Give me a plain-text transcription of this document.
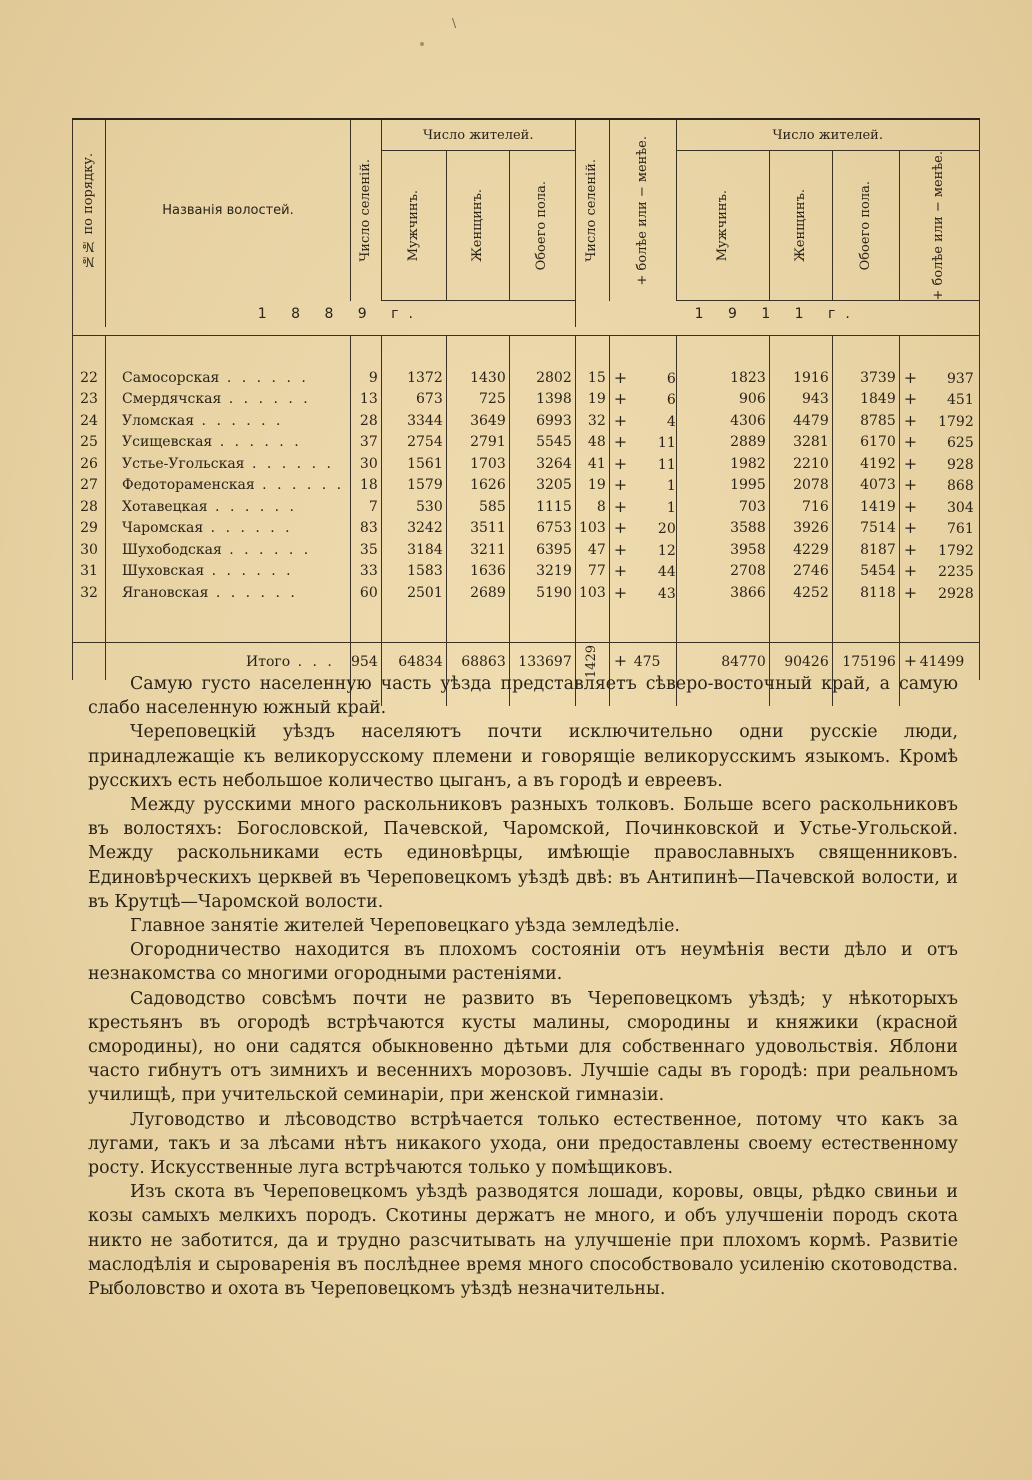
\
№№ по порядку.	Названія волостей.	Число селеній.	Число жителей.			Число селеній.	+ болѣе или − менѣе.	Число жителей.			

			Мужчинъ.	Женщинъ.	Обоего пола.			Мужчинъ.	Женщинъ.	Обоего пола.	+ болѣе или − менѣе.

	1 8 8 9 г.					1 9 1 1 г.					

22	Самосорская . . . . . .	9	1372	1430	2802	15	+ 6	1823	1916	3739	+ 937
23	Смердячская . . . . . .	13	673	725	1398	19	+ 6	906	943	1849	+ 451
24	Уломская . . . . . .	28	3344	3649	6993	32	+ 4	4306	4479	8785	+ 1792
25	Усищевская . . . . . .	37	2754	2791	5545	48	+ 11	2889	3281	6170	+ 625
26	Устье-Угольская . . . . . .	30	1561	1703	3264	41	+ 11	1982	2210	4192	+ 928
27	Федотораменская . . . . . .	18	1579	1626	3205	19	+ 1	1995	2078	4073	+ 868
28	Хотавецкая . . . . . .	7	530	585	1115	8	+ 1	703	716	1419	+ 304
29	Чаромская . . . . . .	83	3242	3511	6753	103	+ 20	3588	3926	7514	+ 761
30	Шухободская . . . . . .	35	3184	3211	6395	47	+ 12	3958	4229	8187	+ 1792
31	Шуховская . . . . . .	33	1583	1636	3219	77	+ 44	2708	2746	5454	+ 2235
32	Ягановская . . . . . .	60	2501	2689	5190	103	+ 43	3866	4252	8118	+ 2928

	Итого . . .	954	64834	68863	133697	1429	+ 475	84770	90426	175196	+ 41499

Самую густо населенную часть уѣзда представляетъ сѣверо-восточный край, а самую слабо населенную южный край.

Череповецкій уѣздъ населяютъ почти исключительно одни русскіе люди, принадлежащіе къ великорусскому племени и говорящіе великорусскимъ языкомъ. Кромѣ русскихъ есть небольшое количество цыганъ, а въ городѣ и евреевъ.

Между русскими много раскольниковъ разныхъ толковъ. Больше всего раскольниковъ въ волостяхъ: Богословской, Пачевской, Чаромской, Починковской и Устье-Угольской. Между раскольниками есть единовѣрцы, имѣющіе православныхъ священниковъ. Единовѣрческихъ церквей въ Череповецкомъ уѣздѣ двѣ: въ Антипинѣ—Пачевской волости, и въ Крутцѣ—Чаромской волости.

Главное занятіе жителей Череповецкаго уѣзда земледѣліе.

Огородничество находится въ плохомъ состояніи отъ неумѣнія вести дѣло и отъ незнакомства со многими огородными растеніями.

Садоводство совсѣмъ почти не развито въ Череповецкомъ уѣздѣ; у нѣкоторыхъ крестьянъ въ огородѣ встрѣчаются кусты малины, смородины и княжики (красной смородины), но они садятся обыкновенно дѣтьми для собственнаго удовольствія. Яблони часто гибнутъ отъ зимнихъ и весеннихъ морозовъ. Лучшіе сады въ городѣ: при реальномъ училищѣ, при учительской семинаріи, при женской гимназіи.

Луговодство и лѣсоводство встрѣчается только естественное, потому что какъ за лугами, такъ и за лѣсами нѣтъ никакого ухода, они предоставлены своему естественному росту. Искусственные луга встрѣчаются только у помѣщиковъ.

Изъ скота въ Череповецкомъ уѣздѣ разводятся лошади, коровы, овцы, рѣдко свиньи и козы самыхъ мелкихъ породъ. Скотины держатъ не много, и объ улучшеніи породъ скота никто не заботится, да и трудно разсчитывать на улучшеніе при плохомъ кормѣ. Развитіе маслодѣлія и сыроваренія въ послѣднее время много способствовало усиленію скотоводства. Рыболовство и охота въ Череповецкомъ уѣздѣ незначительны.
